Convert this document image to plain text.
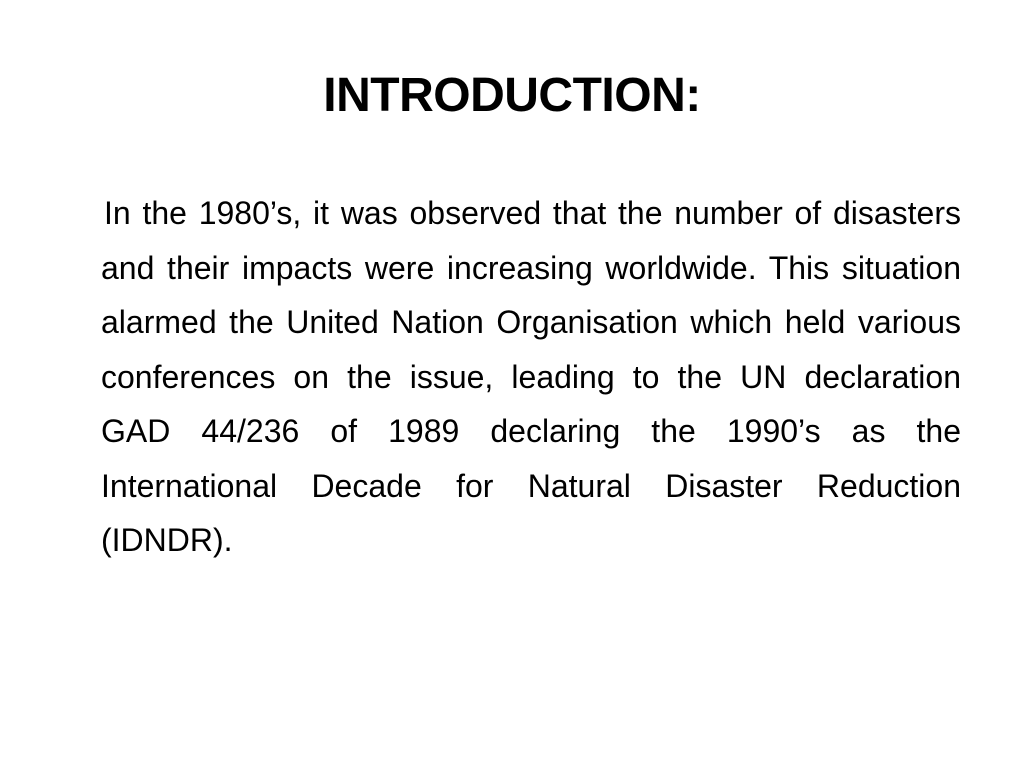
INTRODUCTION:

In the 1980’s, it was observed that the number of disasters and their impacts were increasing worldwide. This situation alarmed the United Nation Organisation which held various conferences on the issue, leading to the UN declaration GAD 44/236 of 1989 declaring the 1990’s as the International Decade for Natural Disaster Reduction (IDNDR).
